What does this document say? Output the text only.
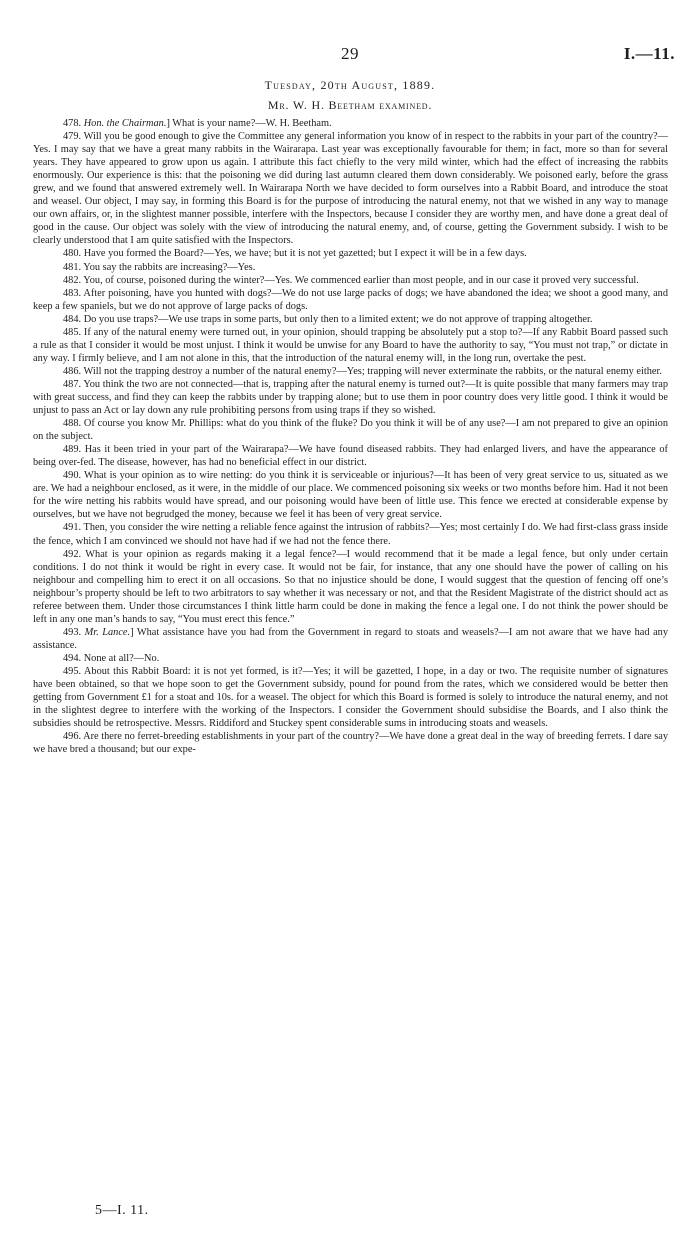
29	I.—11.
Tuesday, 20th August, 1889.
Mr. W. H. Beetham examined.

478. Hon. the Chairman.] What is your name?—W. H. Beetham.

479. Will you be good enough to give the Committee any general information you know of in respect to the rabbits in your part of the country?—Yes. I may say that we have a great many rabbits in the Wairarapa. Last year was exceptionally favourable for them; in fact, more so than for several years. They have appeared to grow upon us again. I attribute this fact chiefly to the very mild winter, which had the effect of increasing the rabbits enormously. Our experience is this: that the poisoning we did during last autumn cleared them down considerably. We poisoned early, before the grass grew, and we found that answered extremely well. In Wairarapa North we have decided to form ourselves into a Rabbit Board, and introduce the stoat and weasel. Our object, I may say, in forming this Board is for the purpose of introducing the natural enemy, not that we wished in any way to manage our own affairs, or, in the slightest manner possible, interfere with the Inspectors, because I consider they are worthy men, and have done a great deal of good in the cause. Our object was solely with the view of introducing the natural enemy, and, of course, getting the Government subsidy. I wish to be clearly understood that I am quite satisfied with the Inspectors.

480. Have you formed the Board?—Yes, we have; but it is not yet gazetted; but I expect it will be in a few days.

481. You say the rabbits are increasing?—Yes.

482. You, of course, poisoned during the winter?—Yes. We commenced earlier than most people, and in our case it proved very successful.

483. After poisoning, have you hunted with dogs?—We do not use large packs of dogs; we have abandoned the idea; we shoot a good many, and keep a few spaniels, but we do not approve of large packs of dogs.

484. Do you use traps?—We use traps in some parts, but only then to a limited extent; we do not approve of trapping altogether.

485. If any of the natural enemy were turned out, in your opinion, should trapping be absolutely put a stop to?—If any Rabbit Board passed such a rule as that I consider it would be most unjust. I think it would be unwise for any Board to have the authority to say, “You must not trap,” or dictate in any way. I firmly believe, and I am not alone in this, that the introduction of the natural enemy will, in the long run, overtake the pest.

486. Will not the trapping destroy a number of the natural enemy?—Yes; trapping will never exterminate the rabbits, or the natural enemy either.

487. You think the two are not connected—that is, trapping after the natural enemy is turned out?—It is quite possible that many farmers may trap with great success, and find they can keep the rabbits under by trapping alone; but to use them in poor country does very little good. I think it would be unjust to pass an Act or lay down any rule prohibiting persons from using traps if they so wished.

488. Of course you know Mr. Phillips: what do you think of the fluke? Do you think it will be of any use?—I am not prepared to give an opinion on the subject.

489. Has it been tried in your part of the Wairarapa?—We have found diseased rabbits. They had enlarged livers, and have the appearance of being over-fed. The disease, however, has had no beneficial effect in our district.

490. What is your opinion as to wire netting: do you think it is serviceable or injurious?—It has been of very great service to us, situated as we are. We had a neighbour enclosed, as it were, in the middle of our place. We commenced poisoning six weeks or two months before him. Had it not been for the wire netting his rabbits would have spread, and our poisoning would have been of little use. This fence we erected at considerable expense by ourselves, but we have not begrudged the money, because we feel it has been of very great service.

491. Then, you consider the wire netting a reliable fence against the intrusion of rabbits?—Yes; most certainly I do. We had first-class grass inside the fence, which I am convinced we should not have had if we had not the fence there.

492. What is your opinion as regards making it a legal fence?—I would recommend that it be made a legal fence, but only under certain conditions. I do not think it would be right in every case. It would not be fair, for instance, that any one should have the power of calling on his neighbour and compelling him to erect it on all occasions. So that no injustice should be done, I would suggest that the question of fencing off one’s neighbour’s property should be left to two arbitrators to say whether it was necessary or not, and that the Resident Magistrate of the district should act as referee between them. Under those circumstances I think little harm could be done in making the fence a legal one. I do not think the power should be left in any one man’s hands to say, “You must erect this fence.”

493. Mr. Lance.] What assistance have you had from the Government in regard to stoats and weasels?—I am not aware that we have had any assistance.

494. None at all?—No.

495. About this Rabbit Board: it is not yet formed, is it?—Yes; it will be gazetted, I hope, in a day or two. The requisite number of signatures have been obtained, so that we hope soon to get the Government subsidy, pound for pound from the rates, which we considered would be better then getting from Government £1 for a stoat and 10s. for a weasel. The object for which this Board is formed is solely to introduce the natural enemy, and not in the slightest degree to interfere with the working of the Inspectors. I consider the Government should subsidise the Boards, and I also think the subsidies should be retrospective. Messrs. Riddiford and Stuckey spent considerable sums in introducing stoats and weasels.

496. Are there no ferret-breeding establishments in your part of the country?—We have done a great deal in the way of breeding ferrets. I dare say we have bred a thousand; but our expe-

5—I. 11.
